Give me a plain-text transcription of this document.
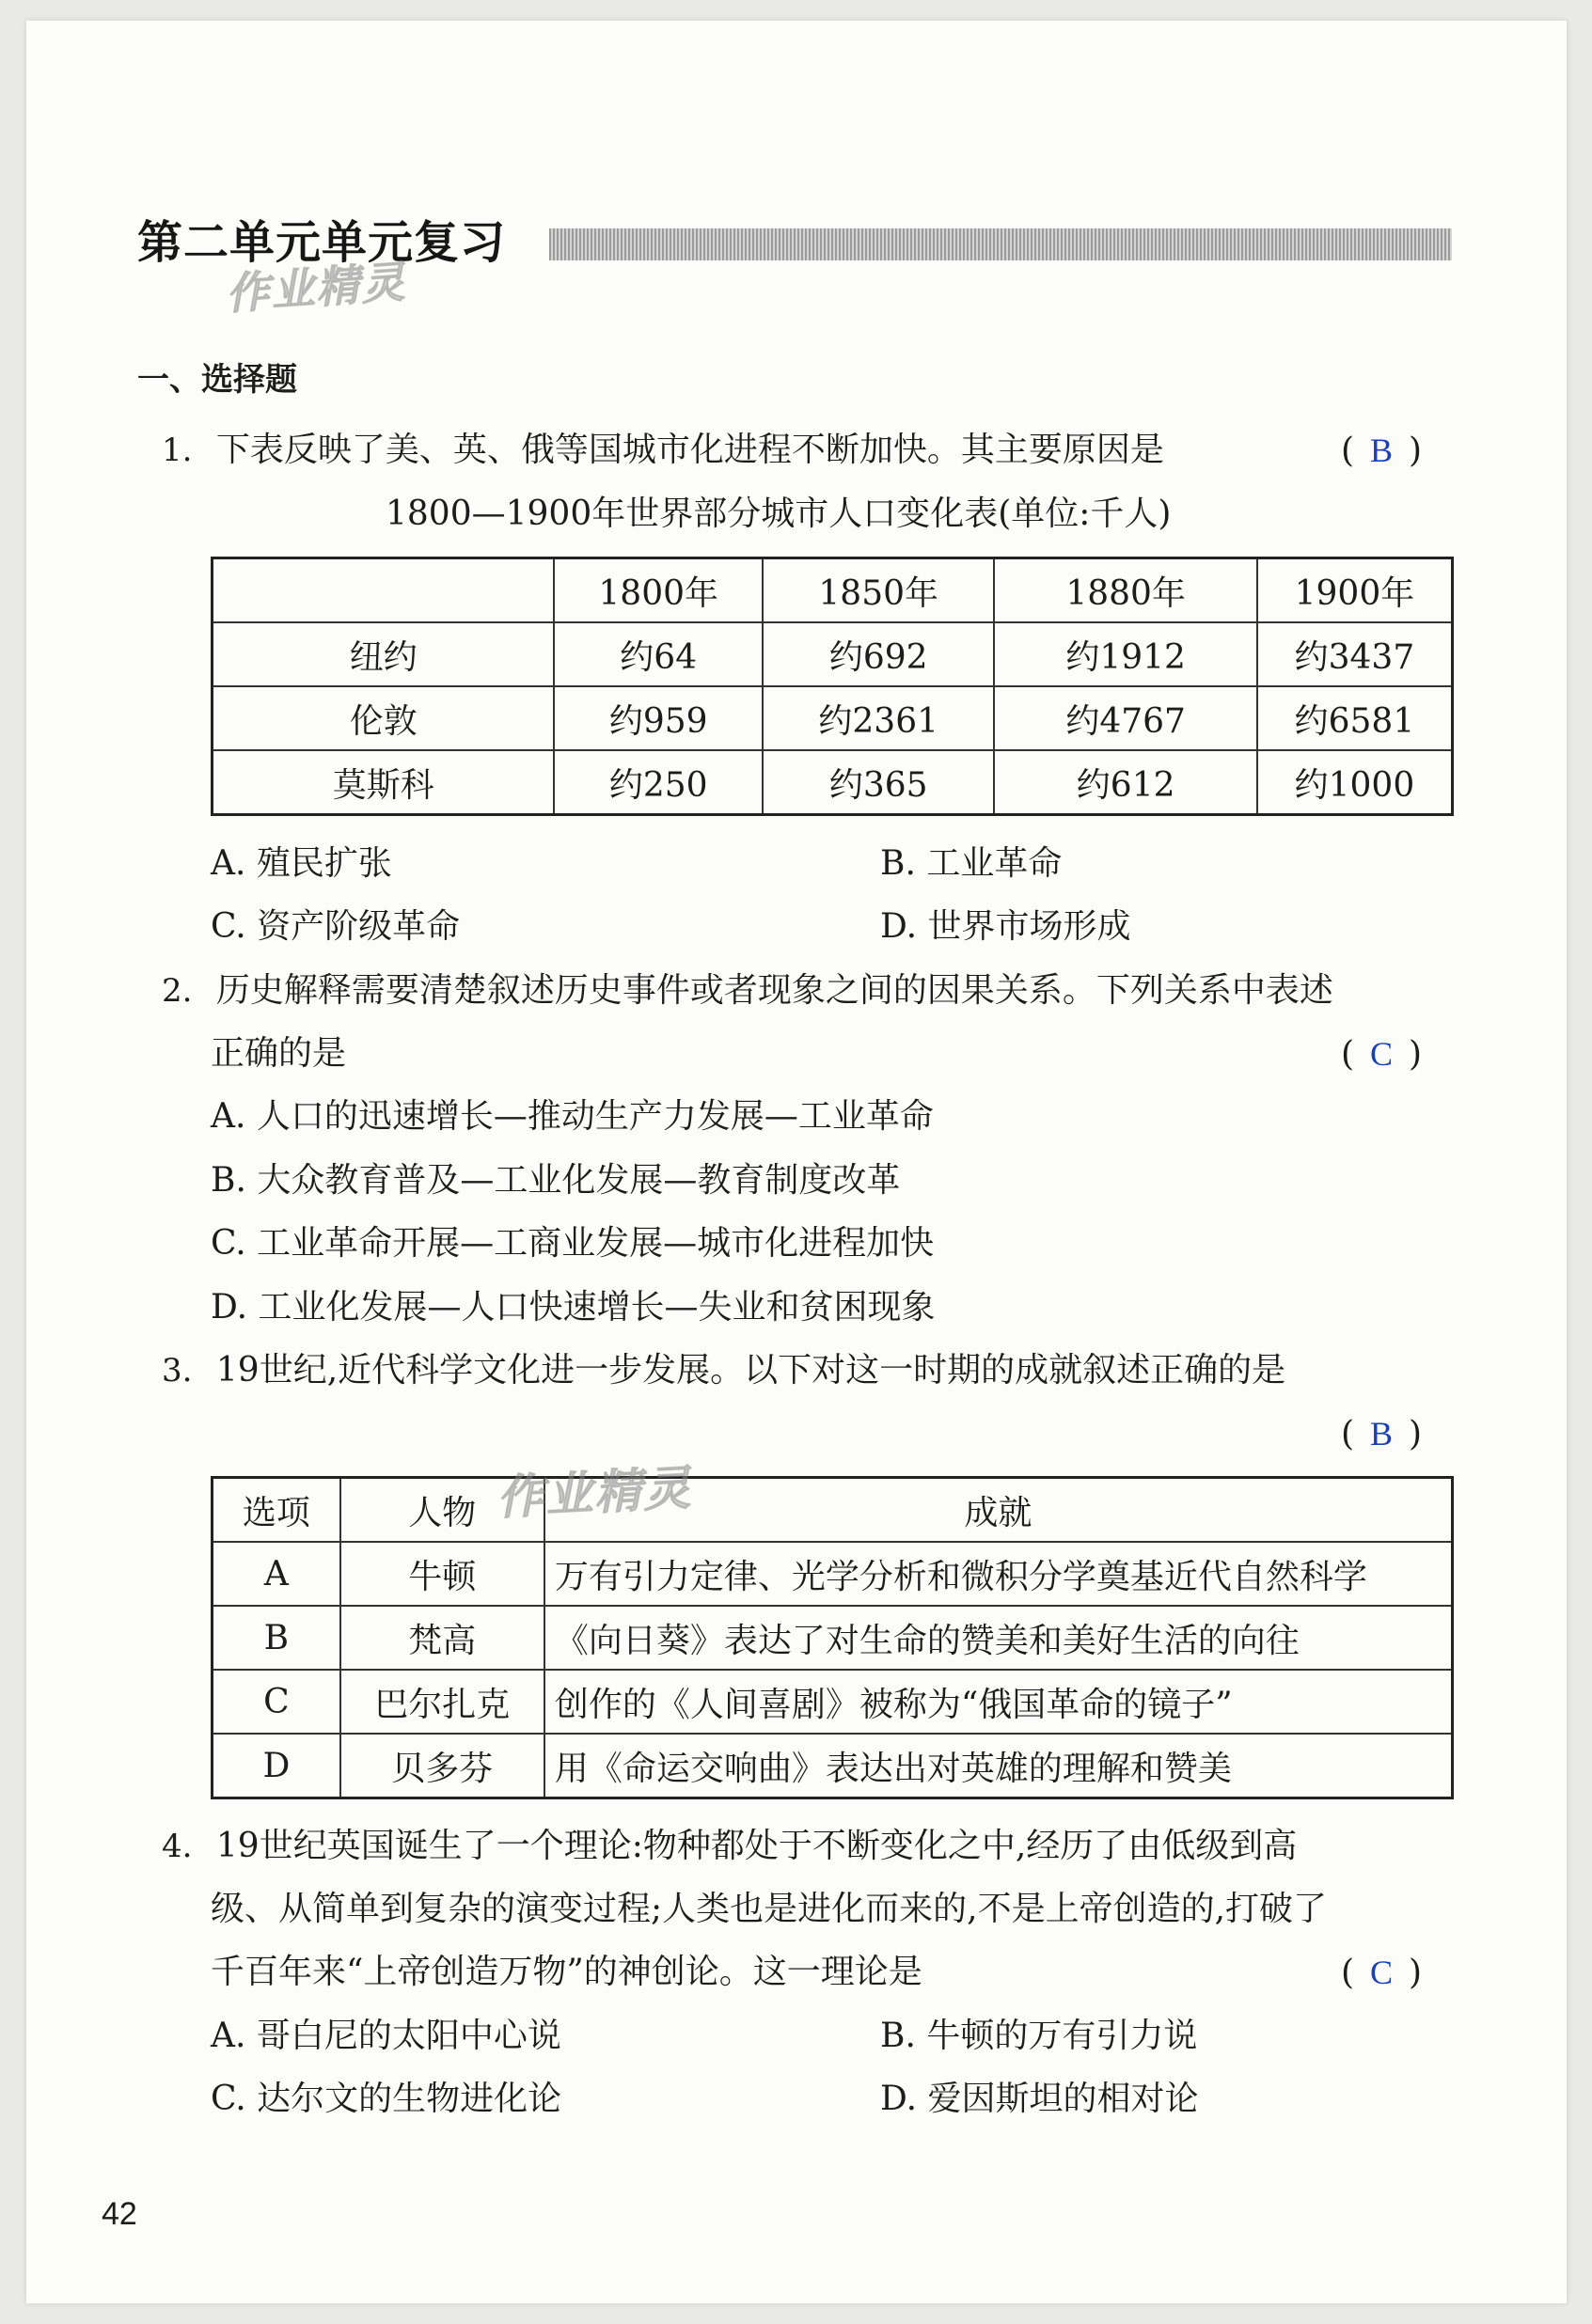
第二单元单元复习
作业精灵
一、选择题
1. 下表反映了美、英、俄等国城市化进程不断加快。其主要原因是	( B )
1800—1900年世界部分城市人口变化表(单位:千人)
	1800年	1850年	1880年	1900年
纽约	约64	约692	约1912	约3437
伦敦	约959	约2361	约4767	约6581
莫斯科	约250	约365	约612	约1000
A. 殖民扩张	B. 工业革命
C. 资产阶级革命	D. 世界市场形成
2. 历史解释需要清楚叙述历史事件或者现象之间的因果关系。下列关系中表述
正确的是	( C )
A. 人口的迅速增长—推动生产力发展—工业革命
B. 大众教育普及—工业化发展—教育制度改革
C. 工业革命开展—工商业发展—城市化进程加快
D. 工业化发展—人口快速增长—失业和贫困现象
3. 19世纪,近代科学文化进一步发展。以下对这一时期的成就叙述正确的是
( B )
选项	人物	成就
A	牛顿	万有引力定律、光学分析和微积分学奠基近代自然科学
B	梵高	《向日葵》表达了对生命的赞美和美好生活的向往
C	巴尔扎克	创作的《人间喜剧》被称为“俄国革命的镜子”
D	贝多芬	用《命运交响曲》表达出对英雄的理解和赞美
作业精灵
4. 19世纪英国诞生了一个理论:物种都处于不断变化之中,经历了由低级到高
级、从简单到复杂的演变过程;人类也是进化而来的,不是上帝创造的,打破了
千百年来“上帝创造万物”的神创论。这一理论是	( C )
A. 哥白尼的太阳中心说	B. 牛顿的万有引力说
C. 达尔文的生物进化论	D. 爱因斯坦的相对论
42
